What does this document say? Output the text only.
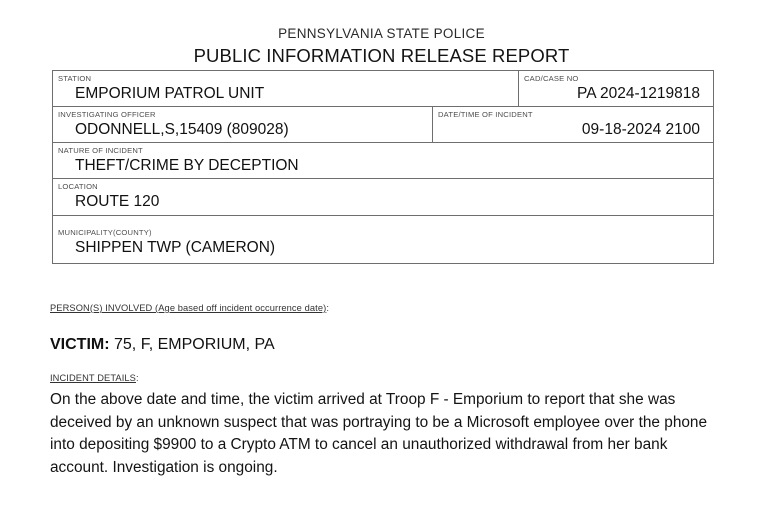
PENNSYLVANIA STATE POLICE
PUBLIC INFORMATION RELEASE REPORT
STATION
EMPORIUM PATROL UNIT
CAD/CASE NO
PA 2024-1219818
INVESTIGATING OFFICER
ODONNELL,S,15409 (809028)
DATE/TIME OF INCIDENT
09-18-2024 2100
NATURE OF INCIDENT
THEFT/CRIME BY DECEPTION
LOCATION
ROUTE 120
MUNICIPALITY(COUNTY)
SHIPPEN TWP (CAMERON)
PERSON(S) INVOLVED (Age based off incident occurrence date):
VICTIM: 75, F, EMPORIUM, PA
INCIDENT DETAILS:
On the above date and time, the victim arrived at Troop F - Emporium to report that she was deceived by an unknown suspect that was portraying to be a Microsoft employee over the phone into depositing $9900 to a Crypto ATM to cancel an unauthorized withdrawal from her bank account. Investigation is ongoing.
